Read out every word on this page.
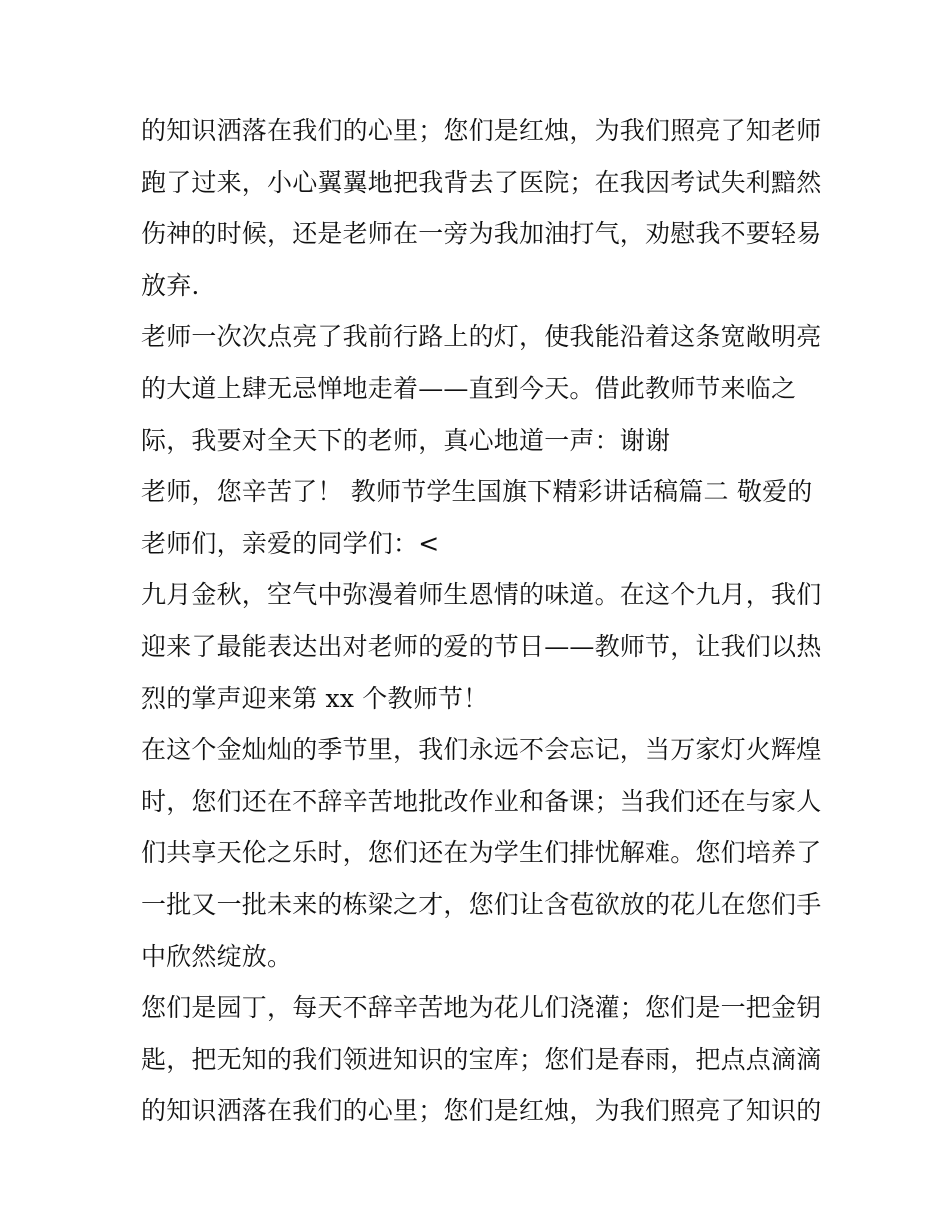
的知识洒落在我们的心里；您们是红烛，为我们照亮了知老师
跑了过来，小心翼翼地把我背去了医院；在我因考试失利黯然
伤神的时候，还是老师在一旁为我加油打气，劝慰我不要轻易
放弃.
老师一次次点亮了我前行路上的灯，使我能沿着这条宽敞明亮
的大道上肆无忌惮地走着——直到今天。借此教师节来临之
际，我要对全天下的老师，真心地道一声：谢谢
老师，您辛苦了！ 教师节学生国旗下精彩讲话稿篇二 敬爱的
老师们，亲爱的同学们：<
九月金秋，空气中弥漫着师生恩情的味道。在这个九月，我们
迎来了最能表达出对老师的爱的节日——教师节，让我们以热
烈的掌声迎来第 xx 个教师节！
在这个金灿灿的季节里，我们永远不会忘记，当万家灯火辉煌
时，您们还在不辞辛苦地批改作业和备课；当我们还在与家人
们共享天伦之乐时，您们还在为学生们排忧解难。您们培养了
一批又一批未来的栋梁之才，您们让含苞欲放的花儿在您们手
中欣然绽放。
您们是园丁，每天不辞辛苦地为花儿们浇灌；您们是一把金钥
匙，把无知的我们领进知识的宝库；您们是春雨，把点点滴滴
的知识洒落在我们的心里；您们是红烛，为我们照亮了知识的
